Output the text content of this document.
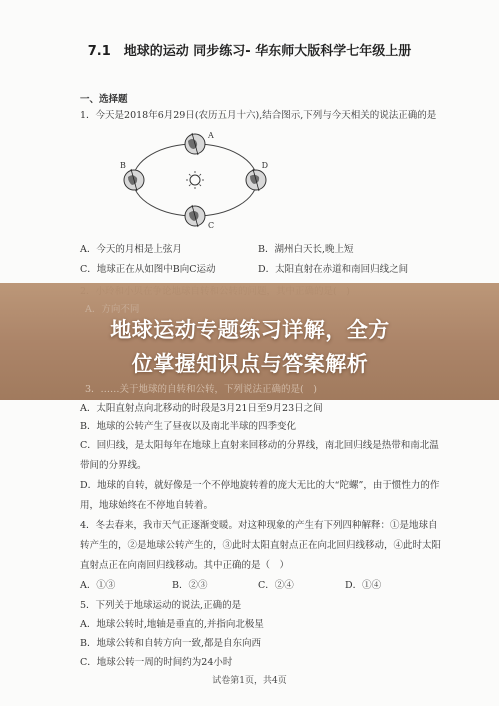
7.1　地球的运动 同步练习- 华东师大版科学七年级上册
一、选择题
1．今天是2018年6月29日(农历五月十六),结合图示,下列与今天相关的说法正确的是
A
B
C
D
A．今天的月相是上弦月	B．湖州白天长,晚上短
C．地球正在从如图中B向C运动	D．太阳直射在赤道和南回归线之间
A．方向不同
地球运动专题练习详解，全方
位掌握知识点与答案解析
3．……关于地球的自转和公转，下列说法正确的是(　)
A．太阳直射点向北移动的时段是3月21日至9月23日之间
B．地球的公转产生了昼夜以及南北半球的四季变化
C．回归线，是太阳每年在地球上直射来回移动的分界线，南北回归线是热带和南北温
带间的分界线。
D．地球的自转，就好像是一个不停地旋转着的庞大无比的大“陀螺”，由于惯性力的作
用，地球始终在不停地自转着。
4．冬去春来，我市天气正逐渐变暖。对这种现象的产生有下列四种解释：①是地球自
转产生的，②是地球公转产生的，③此时太阳直射点正在向北回归线移动，④此时太阳
直射点正在向南回归线移动。其中正确的是（　）
A．①③	B．②③	C．②④	D．①④
5．下列关于地球运动的说法,正确的是
A．地球公转时,地轴是垂直的,并指向北极星
B．地球公转和自转方向一致,都是自东向西
C．地球公转一周的时间约为24小时
试卷第1页，共4页
